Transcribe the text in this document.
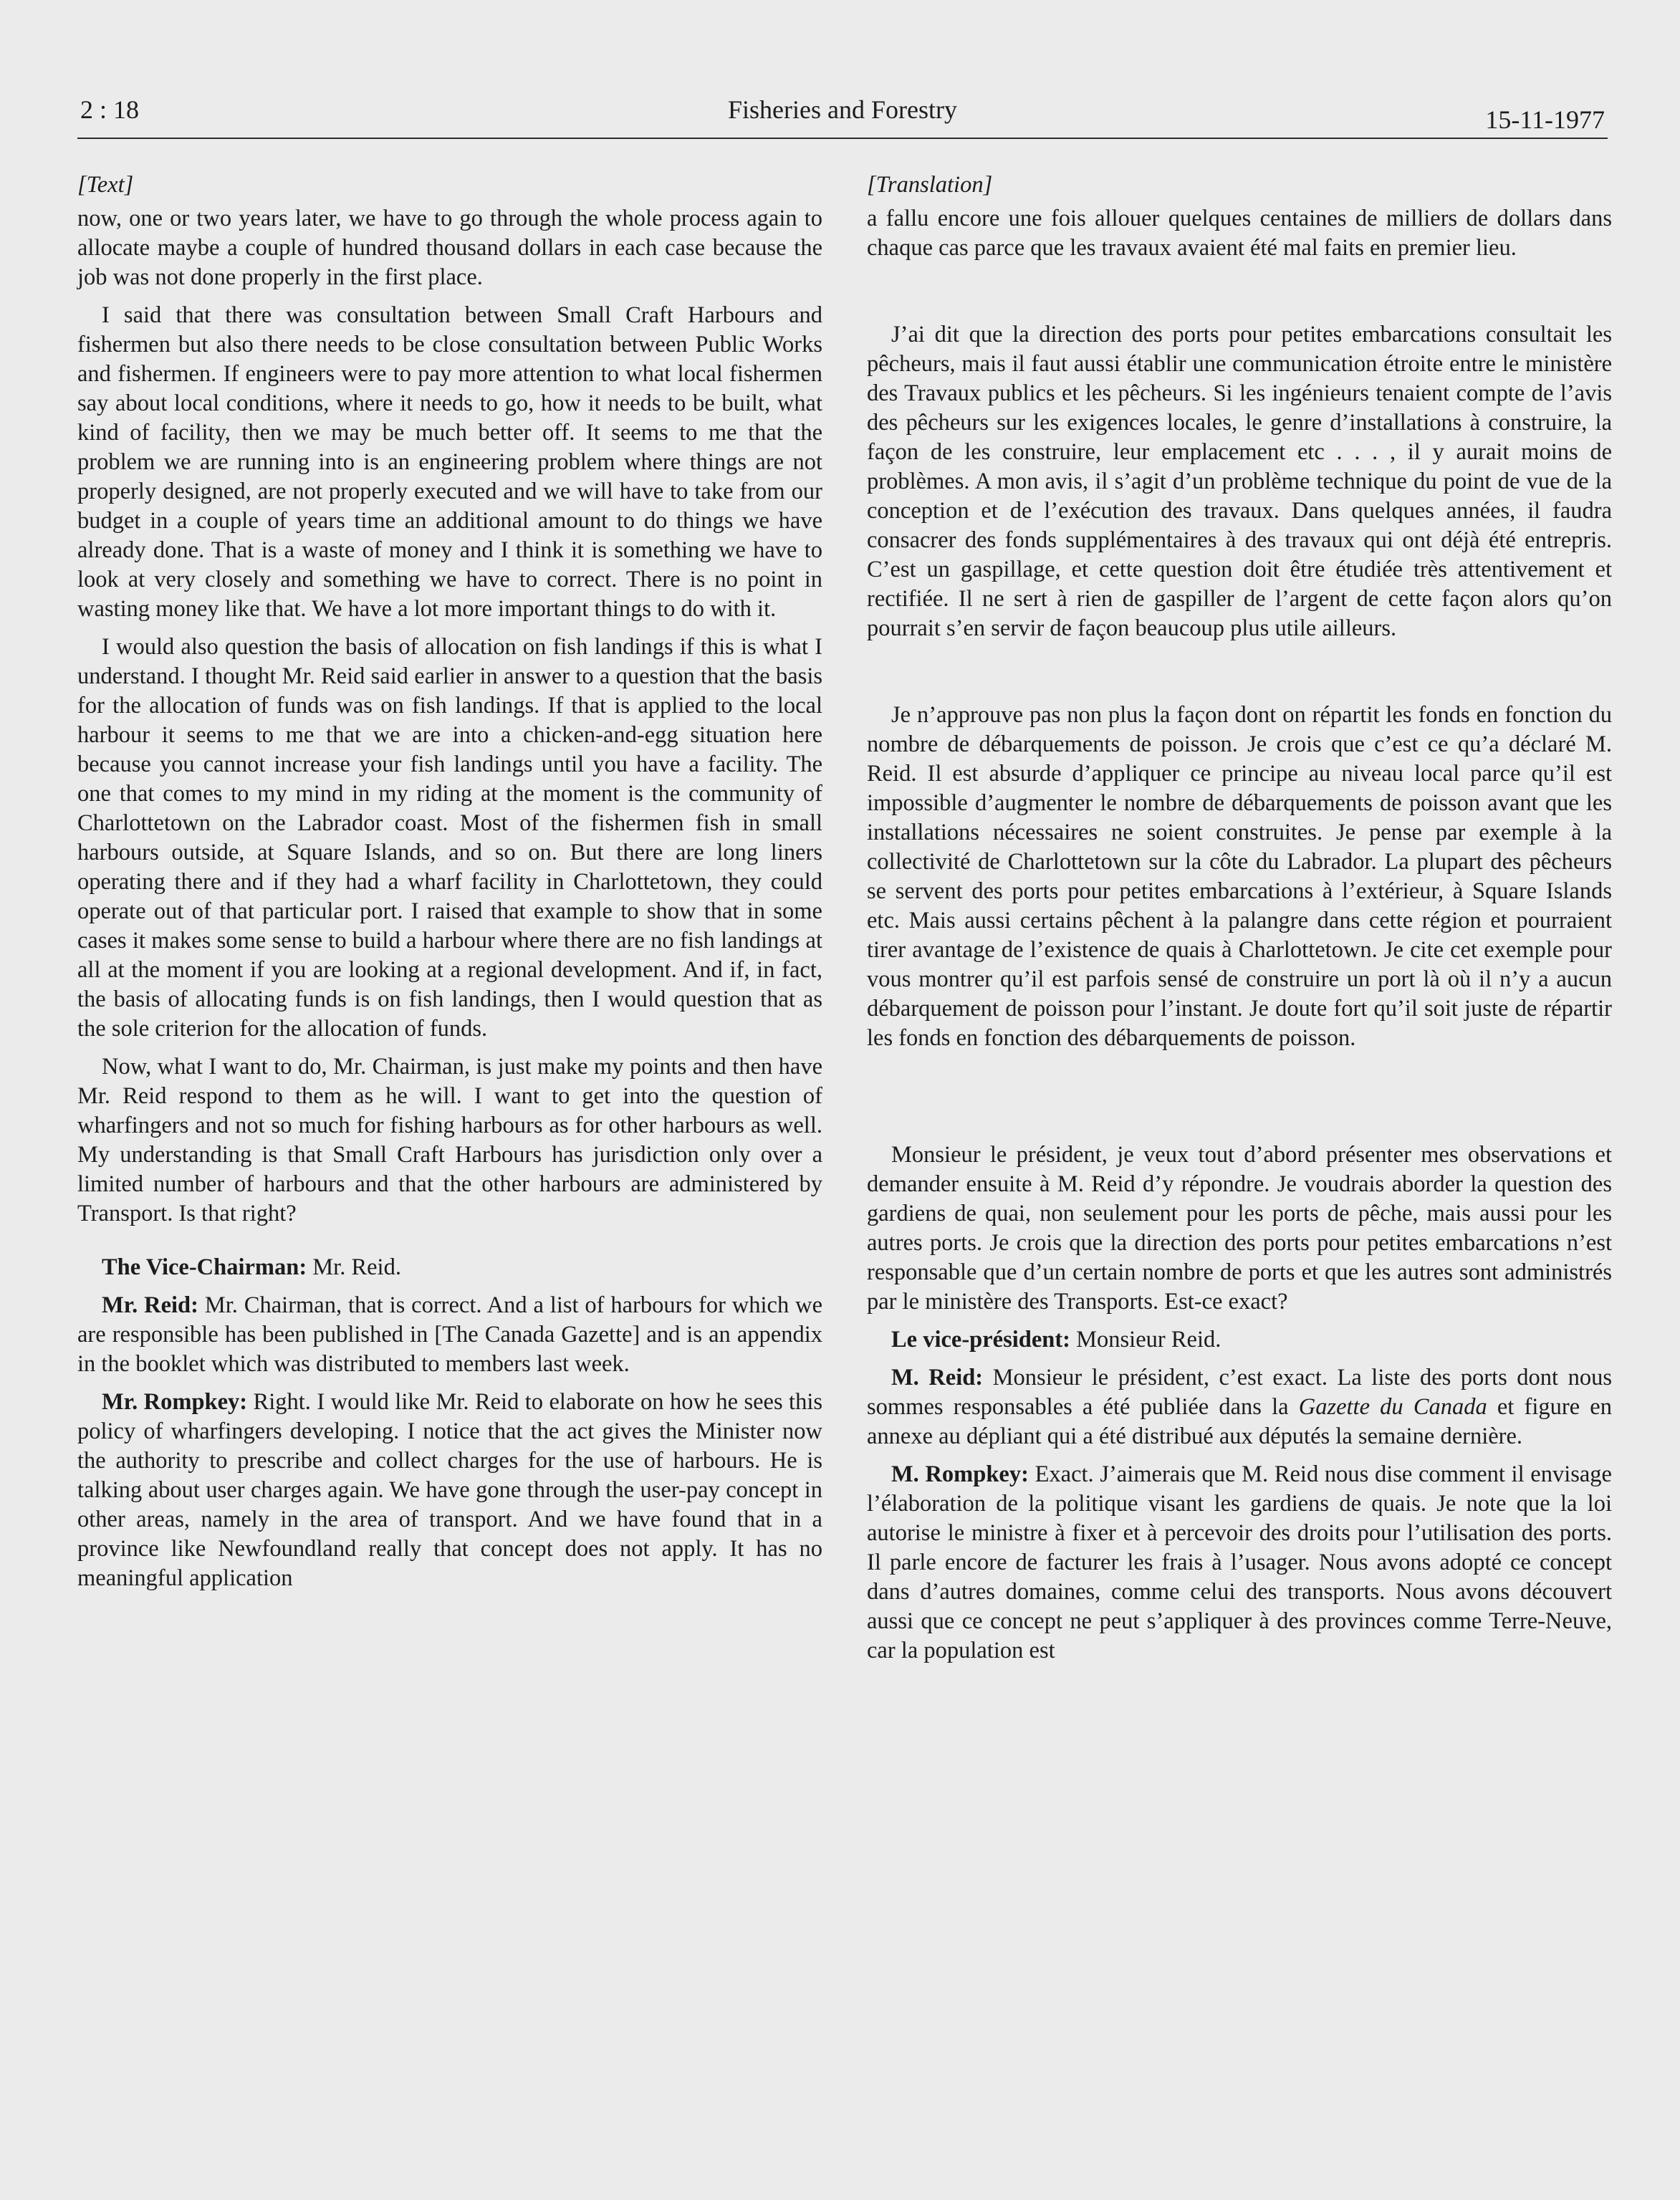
2 : 18	Fisheries and Forestry	15-11-1977

[Text]

now, one or two years later, we have to go through the whole process again to allocate maybe a couple of hundred thousand dollars in each case because the job was not done properly in the first place.

I said that there was consultation between Small Craft Harbours and fishermen but also there needs to be close consultation between Public Works and fishermen. If engineers were to pay more attention to what local fishermen say about local conditions, where it needs to go, how it needs to be built, what kind of facility, then we may be much better off. It seems to me that the problem we are running into is an engineering problem where things are not properly designed, are not properly executed and we will have to take from our budget in a couple of years time an additional amount to do things we have already done. That is a waste of money and I think it is something we have to look at very closely and something we have to correct. There is no point in wasting money like that. We have a lot more important things to do with it.

I would also question the basis of allocation on fish landings if this is what I understand. I thought Mr. Reid said earlier in answer to a question that the basis for the allocation of funds was on fish landings. If that is applied to the local harbour it seems to me that we are into a chicken-and-egg situation here because you cannot increase your fish landings until you have a facility. The one that comes to my mind in my riding at the moment is the community of Charlottetown on the Labrador coast. Most of the fishermen fish in small harbours outside, at Square Islands, and so on. But there are long liners operating there and if they had a wharf facility in Charlottetown, they could operate out of that particular port. I raised that example to show that in some cases it makes some sense to build a harbour where there are no fish landings at all at the moment if you are looking at a regional development. And if, in fact, the basis of allocating funds is on fish landings, then I would question that as the sole criterion for the allocation of funds.

Now, what I want to do, Mr. Chairman, is just make my points and then have Mr. Reid respond to them as he will. I want to get into the question of wharfingers and not so much for fishing harbours as for other harbours as well. My understanding is that Small Craft Harbours has jurisdiction only over a limited number of harbours and that the other harbours are administered by Transport. Is that right?

The Vice-Chairman: Mr. Reid.

Mr. Reid: Mr. Chairman, that is correct. And a list of harbours for which we are responsible has been published in [The Canada Gazette] and is an appendix in the booklet which was distributed to members last week.

Mr. Rompkey: Right. I would like Mr. Reid to elaborate on how he sees this policy of wharfingers developing. I notice that the act gives the Minister now the authority to prescribe and collect charges for the use of harbours. He is talking about user charges again. We have gone through the user-pay concept in other areas, namely in the area of transport. And we have found that in a province like Newfoundland really that concept does not apply. It has no meaningful application

[Translation]

a fallu encore une fois allouer quelques centaines de milliers de dollars dans chaque cas parce que les travaux avaient été mal faits en premier lieu.

J’ai dit que la direction des ports pour petites embarcations consultait les pêcheurs, mais il faut aussi établir une communication étroite entre le ministère des Travaux publics et les pêcheurs. Si les ingénieurs tenaient compte de l’avis des pêcheurs sur les exigences locales, le genre d’installations à construire, la façon de les construire, leur emplacement etc . . . , il y aurait moins de problèmes. A mon avis, il s’agit d’un problème technique du point de vue de la conception et de l’exécution des travaux. Dans quelques années, il faudra consacrer des fonds supplémentaires à des travaux qui ont déjà été entrepris. C’est un gaspillage, et cette question doit être étudiée très attentivement et rectifiée. Il ne sert à rien de gaspiller de l’argent de cette façon alors qu’on pourrait s’en servir de façon beaucoup plus utile ailleurs.

Je n’approuve pas non plus la façon dont on répartit les fonds en fonction du nombre de débarquements de poisson. Je crois que c’est ce qu’a déclaré M. Reid. Il est absurde d’appliquer ce principe au niveau local parce qu’il est impossible d’augmenter le nombre de débarquements de poisson avant que les installations nécessaires ne soient construites. Je pense par exemple à la collectivité de Charlottetown sur la côte du Labrador. La plupart des pêcheurs se servent des ports pour petites embarcations à l’extérieur, à Square Islands etc. Mais aussi certains pêchent à la palangre dans cette région et pourraient tirer avantage de l’existence de quais à Charlottetown. Je cite cet exemple pour vous montrer qu’il est parfois sensé de construire un port là où il n’y a aucun débarquement de poisson pour l’instant. Je doute fort qu’il soit juste de répartir les fonds en fonction des débarquements de poisson.

Monsieur le président, je veux tout d’abord présenter mes observations et demander ensuite à M. Reid d’y répondre. Je voudrais aborder la question des gardiens de quai, non seulement pour les ports de pêche, mais aussi pour les autres ports. Je crois que la direction des ports pour petites embarcations n’est responsable que d’un certain nombre de ports et que les autres sont administrés par le ministère des Transports. Est-ce exact?

Le vice-président: Monsieur Reid.

M. Reid: Monsieur le président, c’est exact. La liste des ports dont nous sommes responsables a été publiée dans la Gazette du Canada et figure en annexe au dépliant qui a été distribué aux députés la semaine dernière.

M. Rompkey: Exact. J’aimerais que M. Reid nous dise comment il envisage l’élaboration de la politique visant les gardiens de quais. Je note que la loi autorise le ministre à fixer et à percevoir des droits pour l’utilisation des ports. Il parle encore de facturer les frais à l’usager. Nous avons adopté ce concept dans d’autres domaines, comme celui des transports. Nous avons découvert aussi que ce concept ne peut s’appliquer à des provinces comme Terre-Neuve, car la population est
